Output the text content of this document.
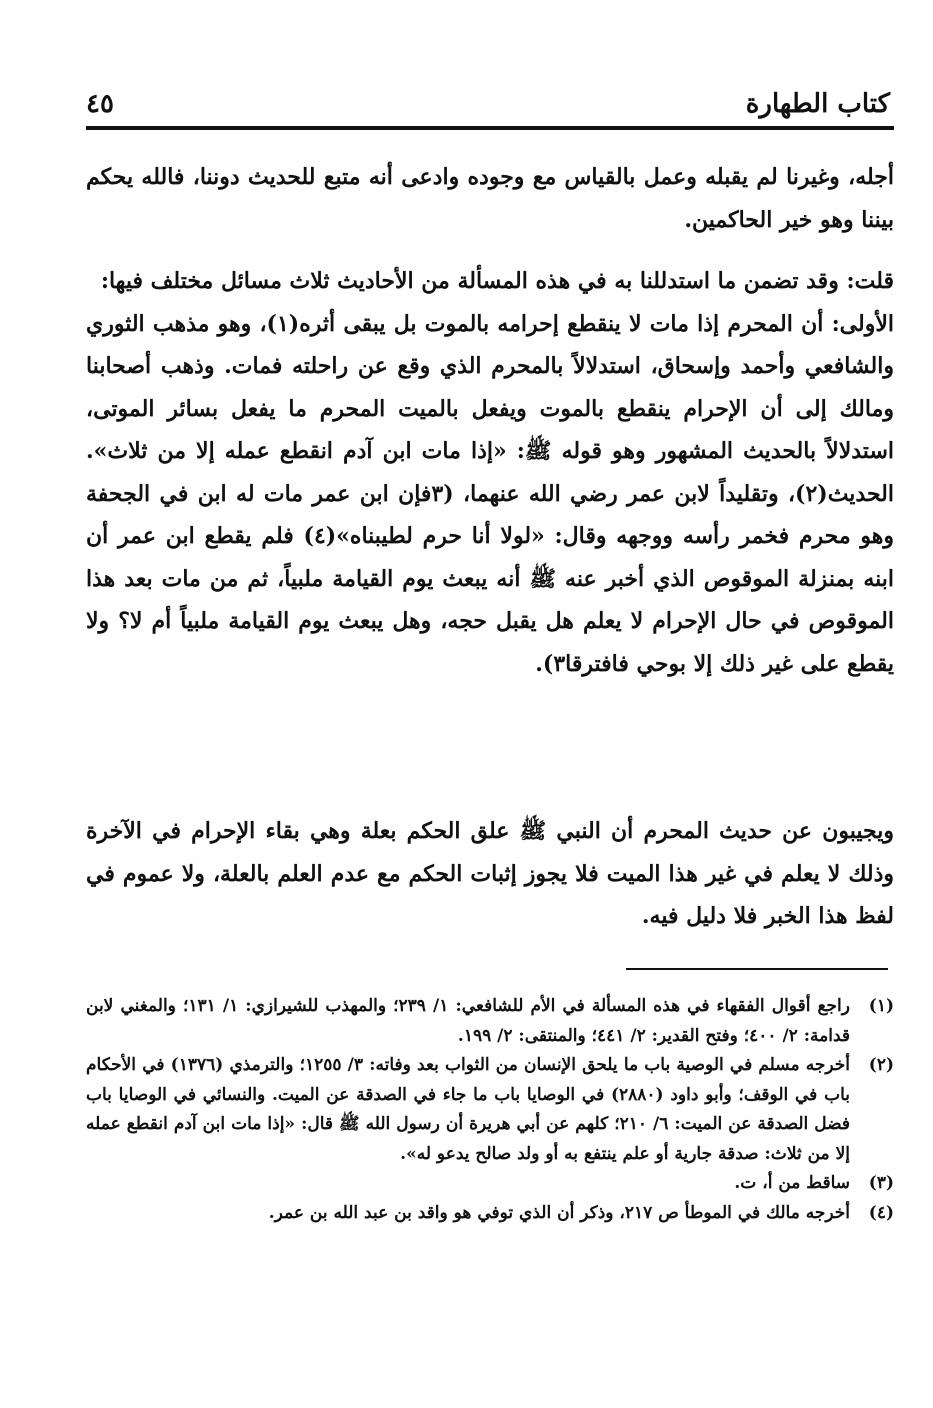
كتاب الطهارة
٤٥

أجله، وغيرنا لم يقبله وعمل بالقياس مع وجوده وادعى أنه متبع للحديث دوننا، فالله يحكم بيننا وهو خير الحاكمين.

قلت: وقد تضمن ما استدللنا به في هذه المسألة من الأحاديث ثلاث مسائل مختلف فيها:

الأولى: أن المحرم إذا مات لا ينقطع إحرامه بالموت بل يبقى أثره(١)، وهو مذهب الثوري والشافعي وأحمد وإسحاق، استدلالاً بالمحرم الذي وقع عن راحلته فمات. وذهب أصحابنا ومالك إلى أن الإحرام ينقطع بالموت ويفعل بالميت المحرم ما يفعل بسائر الموتى، استدلالاً بالحديث المشهور وهو قوله ﷺ: «إذا مات ابن آدم انقطع عمله إلا من ثلاث». الحديث(٢)، وتقليداً لابن عمر رضي الله عنهما، (٣فإن ابن عمر مات له ابن في الجحفة وهو محرم فخمر رأسه ووجهه وقال: «لولا أنا حرم لطيبناه»(٤) فلم يقطع ابن عمر أن ابنه بمنزلة الموقوص الذي أخبر عنه ﷺ أنه يبعث يوم القيامة ملبياً، ثم من مات بعد هذا الموقوص في حال الإحرام لا يعلم هل يقبل حجه، وهل يبعث يوم القيامة ملبياً أم لا؟ ولا يقطع على غير ذلك إلا بوحي فافترقا٣).

ويجيبون عن حديث المحرم أن النبي ﷺ علق الحكم بعلة وهي بقاء الإحرام في الآخرة وذلك لا يعلم في غير هذا الميت فلا يجوز إثبات الحكم مع عدم العلم بالعلة، ولا عموم في لفظ هذا الخبر فلا دليل فيه.

(١)
راجع أقوال الفقهاء في هذه المسألة في الأم للشافعي: ١/ ٢٣٩؛ والمهذب للشيرازي: ١/ ١٣١؛ والمغني لابن قدامة: ٢/ ٤٠٠؛ وفتح القدير: ٢/ ٤٤١؛ والمنتقى: ٢/ ١٩٩.
(٢)
أخرجه مسلم في الوصية باب ما يلحق الإنسان من الثواب بعد وفاته: ٣/ ١٢٥٥؛ والترمذي (١٣٧٦) في الأحكام باب في الوقف؛ وأبو داود (٢٨٨٠) في الوصايا باب ما جاء في الصدقة عن الميت. والنسائي في الوصايا باب فضل الصدقة عن الميت: ٦/ ٢١٠؛ كلهم عن أبي هريرة أن رسول الله ﷺ قال: «إذا مات ابن آدم انقطع عمله إلا من ثلاث: صدقة جارية أو علم ينتفع به أو ولد صالح يدعو له».
(٣)
ساقط من أ، ت.
(٤)
أخرجه مالك في الموطأ ص ٢١٧، وذكر أن الذي توفي هو واقد بن عبد الله بن عمر.
